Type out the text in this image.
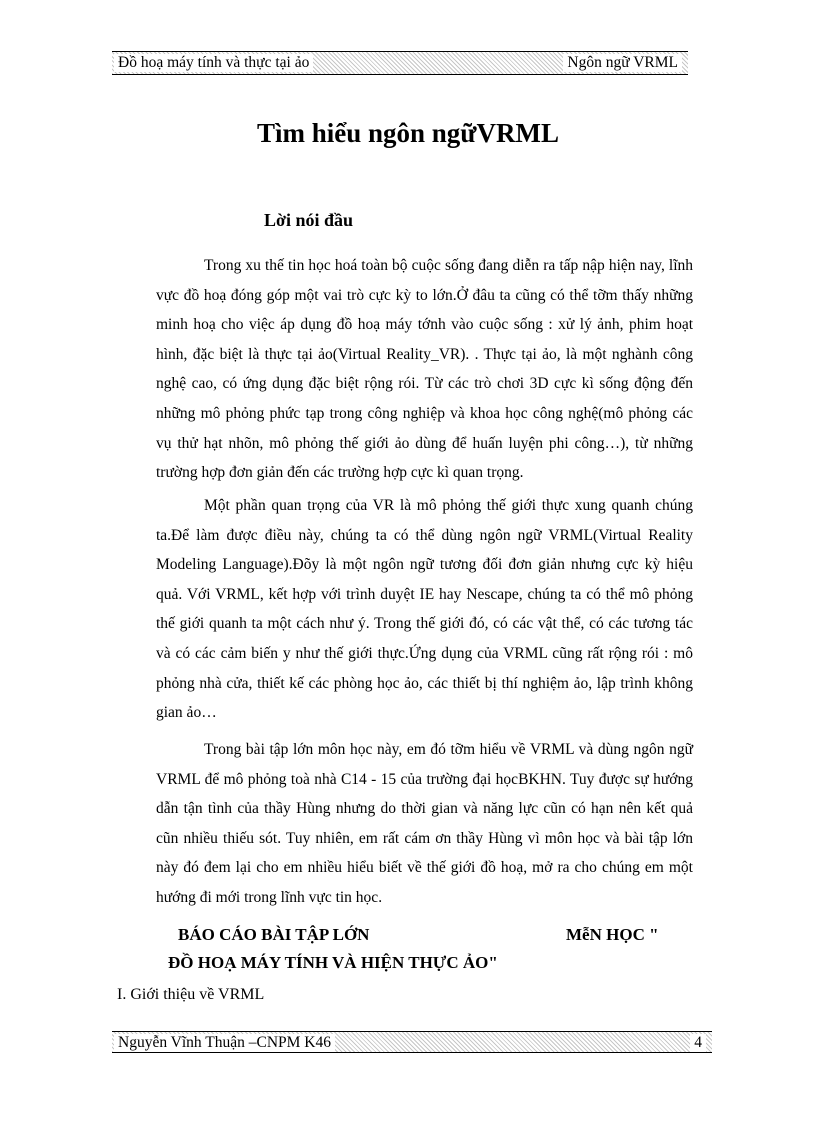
Đồ hoạ máy tính và thực tại ảo	Ngôn ngữ VRML
Tìm hiểu ngôn ngữVRML
Lời nói đầu

Trong xu thế tin học hoá toàn bộ cuộc sống đang diễn ra tấp nập hiện nay, lĩnh vực đồ hoạ đóng góp một vai trò cực kỳ to lớn.Ở đâu ta cũng có thể tỡm thấy những minh hoạ cho việc áp dụng đồ hoạ máy tớnh vào cuộc sống : xử lý ảnh, phim hoạt hình, đặc biệt là thực tại ảo(Virtual Reality_VR). . Thực tại ảo, là một nghành công nghệ cao, có ứng dụng đặc biệt rộng rói. Từ các trò chơi 3D cực kì sống động đến những mô phỏng phức tạp trong công nghiệp và khoa học công nghệ(mô phỏng các vụ thử hạt nhõn, mô phỏng thế giới ảo dùng để huấn luyện phi công…), từ những trường hợp đơn giản đến các trường hợp cực kì quan trọng.

Một phần quan trọng của VR là mô phỏng thế giới thực xung quanh chúng ta.Để làm được điều này, chúng ta có thể dùng ngôn ngữ VRML(Virtual Reality Modeling Language).Đõy là một ngôn ngữ tương đối đơn giản nhưng cực kỳ hiệu quả. Với VRML, kết hợp với trình duyệt IE hay Nescape, chúng ta có thể mô phỏng thế giới quanh ta một cách như ý. Trong thế giới đó, có các vật thể, có các tương tác và có các cảm biến y như thế giới thực.Ứng dụng của VRML cũng rất rộng rói : mô phỏng nhà cửa, thiết kế các phòng học ảo, các thiết bị thí nghiệm ảo, lập trình không gian ảo…

Trong bài tập lớn môn học này, em đó tỡm hiểu về VRML và dùng ngôn ngữ VRML để mô phỏng toà nhà C14 - 15 của trường đại họcBKHN. Tuy được sự hướng dẫn tận tình của thầy Hùng nhưng do thời gian và năng lực cũn có hạn nên kết quả cũn nhiều thiếu sót. Tuy nhiên, em rất cám ơn thầy Hùng vì môn học và bài tập lớn này đó đem lại cho em nhiều hiểu biết về thế giới đồ hoạ, mở ra cho chúng em một hướng đi mới trong lĩnh vực tin học.

BÁO CÁO BÀI TẬP LỚN	MễN HỌC "
ĐỒ HOẠ MÁY TÍNH VÀ HIỆN THỰC ẢO"
I. Giới thiệu về VRML
Nguyễn Vĩnh Thuận –CNPM K46	4
